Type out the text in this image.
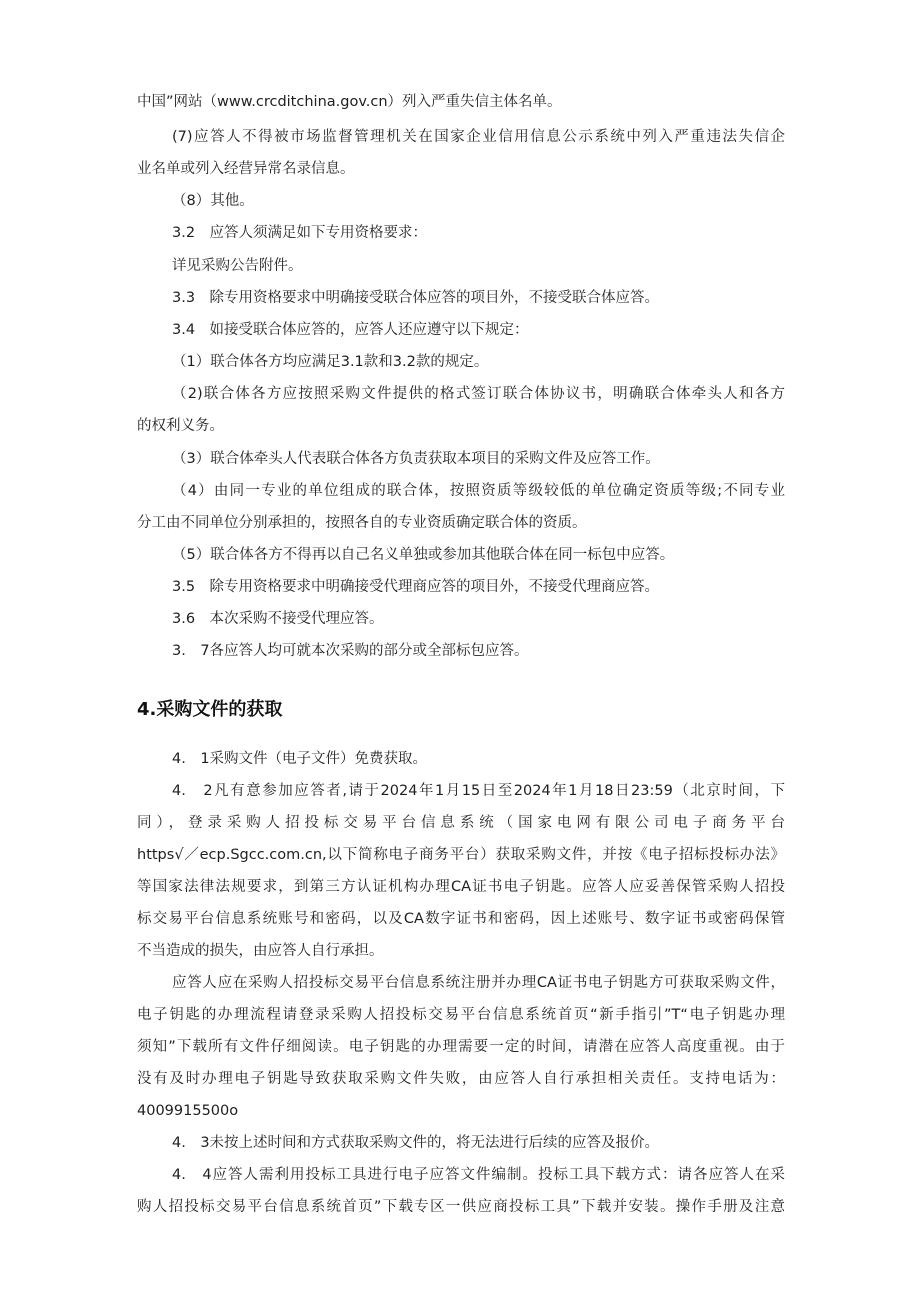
中国”网站（www.crcditchina.gov.cn）列入严重失信主体名单。
(7)应答人不得被市场监督管理机关在国家企业信用信息公示系统中列入严重违法失信企
业名单或列入经营异常名录信息。
（8）其他。
3.2　应答人须满足如下专用资格要求：
详见采购公告附件。
3.3　除专用资格要求中明确接受联合体应答的项目外，不接受联合体应答。
3.4　如接受联合体应答的，应答人还应遵守以下规定：
（1）联合体各方均应满足3.1款和3.2款的规定。
（2)联合体各方应按照采购文件提供的格式签订联合体协议书，明确联合体牵头人和各方
的权利义务。
（3）联合体牵头人代表联合体各方负责获取本项目的采购文件及应答工作。
（4）由同一专业的单位组成的联合体，按照资质等级较低的单位确定资质等级;不同专业
分工由不同单位分别承担的，按照各自的专业资质确定联合体的资质。
（5）联合体各方不得再以自己名义单独或参加其他联合体在同一标包中应答。
3.5　除专用资格要求中明确接受代理商应答的项目外，不接受代理商应答。
3.6　本次采购不接受代理应答。
3.　7各应答人均可就本次采购的部分或全部标包应答。
4.采购文件的获取
4.　1采购文件（电子文件）免费获取。
4.　2凡有意参加应答者,请于2024年1月15日至2024年1月18日23:59（北京时间，下
同），登录采购人招投标交易平台信息系统（国家电网有限公司电子商务平台
https√／ecp.Sgcc.com.cn,以下简称电子商务平台）获取采购文件，并按《电子招标投标办法》
等国家法律法规要求，到第三方认证机构办理CA证书电子钥匙。应答人应妥善保管采购人招投
标交易平台信息系统账号和密码，以及CA数字证书和密码，因上述账号、数字证书或密码保管
不当造成的损失，由应答人自行承担。
应答人应在采购人招投标交易平台信息系统注册并办理CA证书电子钥匙方可获取采购文件，
电子钥匙的办理流程请登录采购人招投标交易平台信息系统首页“新手指引”T“电子钥匙办理
须知”下载所有文件仔细阅读。电子钥匙的办理需要一定的时间，请潜在应答人高度重视。由于
没有及时办理电子钥匙导致获取采购文件失败，由应答人自行承担相关责任。支持电话为：
4009915500o
4.　3未按上述时间和方式获取采购文件的，将无法进行后续的应答及报价。
4.　4应答人需利用投标工具进行电子应答文件编制。投标工具下载方式：请各应答人在采
购人招投标交易平台信息系统首页”下载专区一供应商投标工具”下载并安装。操作手册及注意
